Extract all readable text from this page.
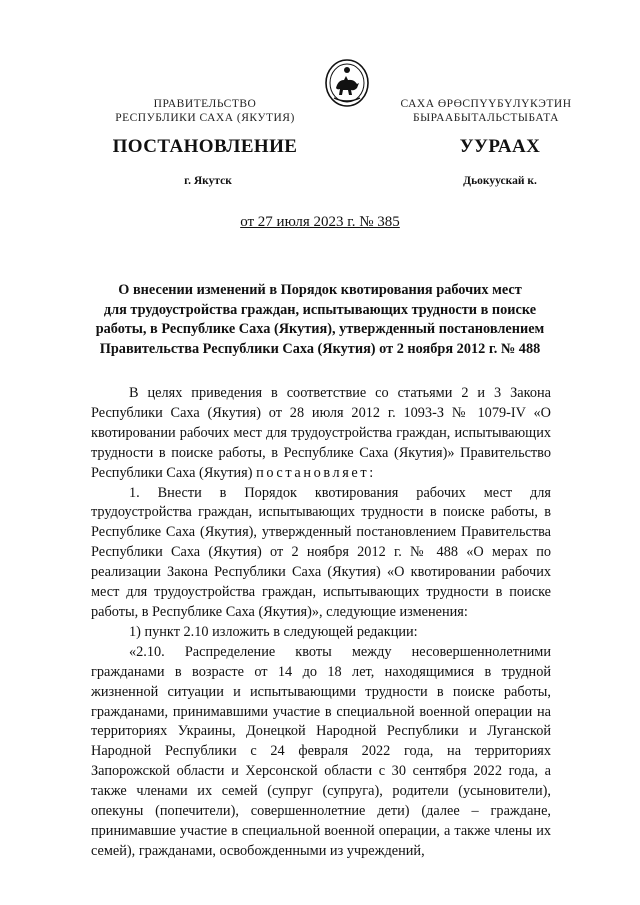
ПРАВИТЕЛЬСТВО
РЕСПУБЛИКИ САХА (ЯКУТИЯ)
САХА ӨРӨСПҮҮБҮЛҮКЭТИН
БЫРААБЫТАЛЬСТЫБАТА
ПОСТАНОВЛЕНИЕ	УУРААХ
г. Якутск	Дьокуускай к.
от 27 июля 2023 г. № 385
О внесении изменений в Порядок квотирования рабочих мест
для трудоустройства граждан, испытывающих трудности в поиске
работы, в Республике Саха (Якутия), утвержденный постановлением
Правительства Республики Саха (Якутия) от 2 ноября 2012 г. № 488

В целях приведения в соответствие со статьями 2 и 3 Закона Республики Саха (Якутия) от 28 июля 2012 г. 1093-З № 1079-IV «О квотировании рабочих мест для трудоустройства граждан, испытывающих трудности в поиске работы, в Республике Саха (Якутия)» Правительство Республики Саха (Якутия) постановляет:

1. Внести в Порядок квотирования рабочих мест для трудоустройства граждан, испытывающих трудности в поиске работы, в Республике Саха (Якутия), утвержденный постановлением Правительства Республики Саха (Якутия) от 2 ноября 2012 г. № 488 «О мерах по реализации Закона Республики Саха (Якутия) «О квотировании рабочих мест для трудоустройства граждан, испытывающих трудности в поиске работы, в Республике Саха (Якутия)», следующие изменения:

1) пункт 2.10 изложить в следующей редакции:

«2.10. Распределение квоты между несовершеннолетними гражданами в возрасте от 14 до 18 лет, находящимися в трудной жизненной ситуации и испытывающими трудности в поиске работы, гражданами, принимавшими участие в специальной военной операции на территориях Украины, Донецкой Народной Республики и Луганской Народной Республики с 24 февраля 2022 года, на территориях Запорожской области и Херсонской области с 30 сентября 2022 года, а также членами их семей (супруг (супруга), родители (усыновители), опекуны (попечители), совершеннолетние дети) (далее – граждане, принимавшие участие в специальной военной операции, а также члены их семей), гражданами, освобожденными из учреждений,
